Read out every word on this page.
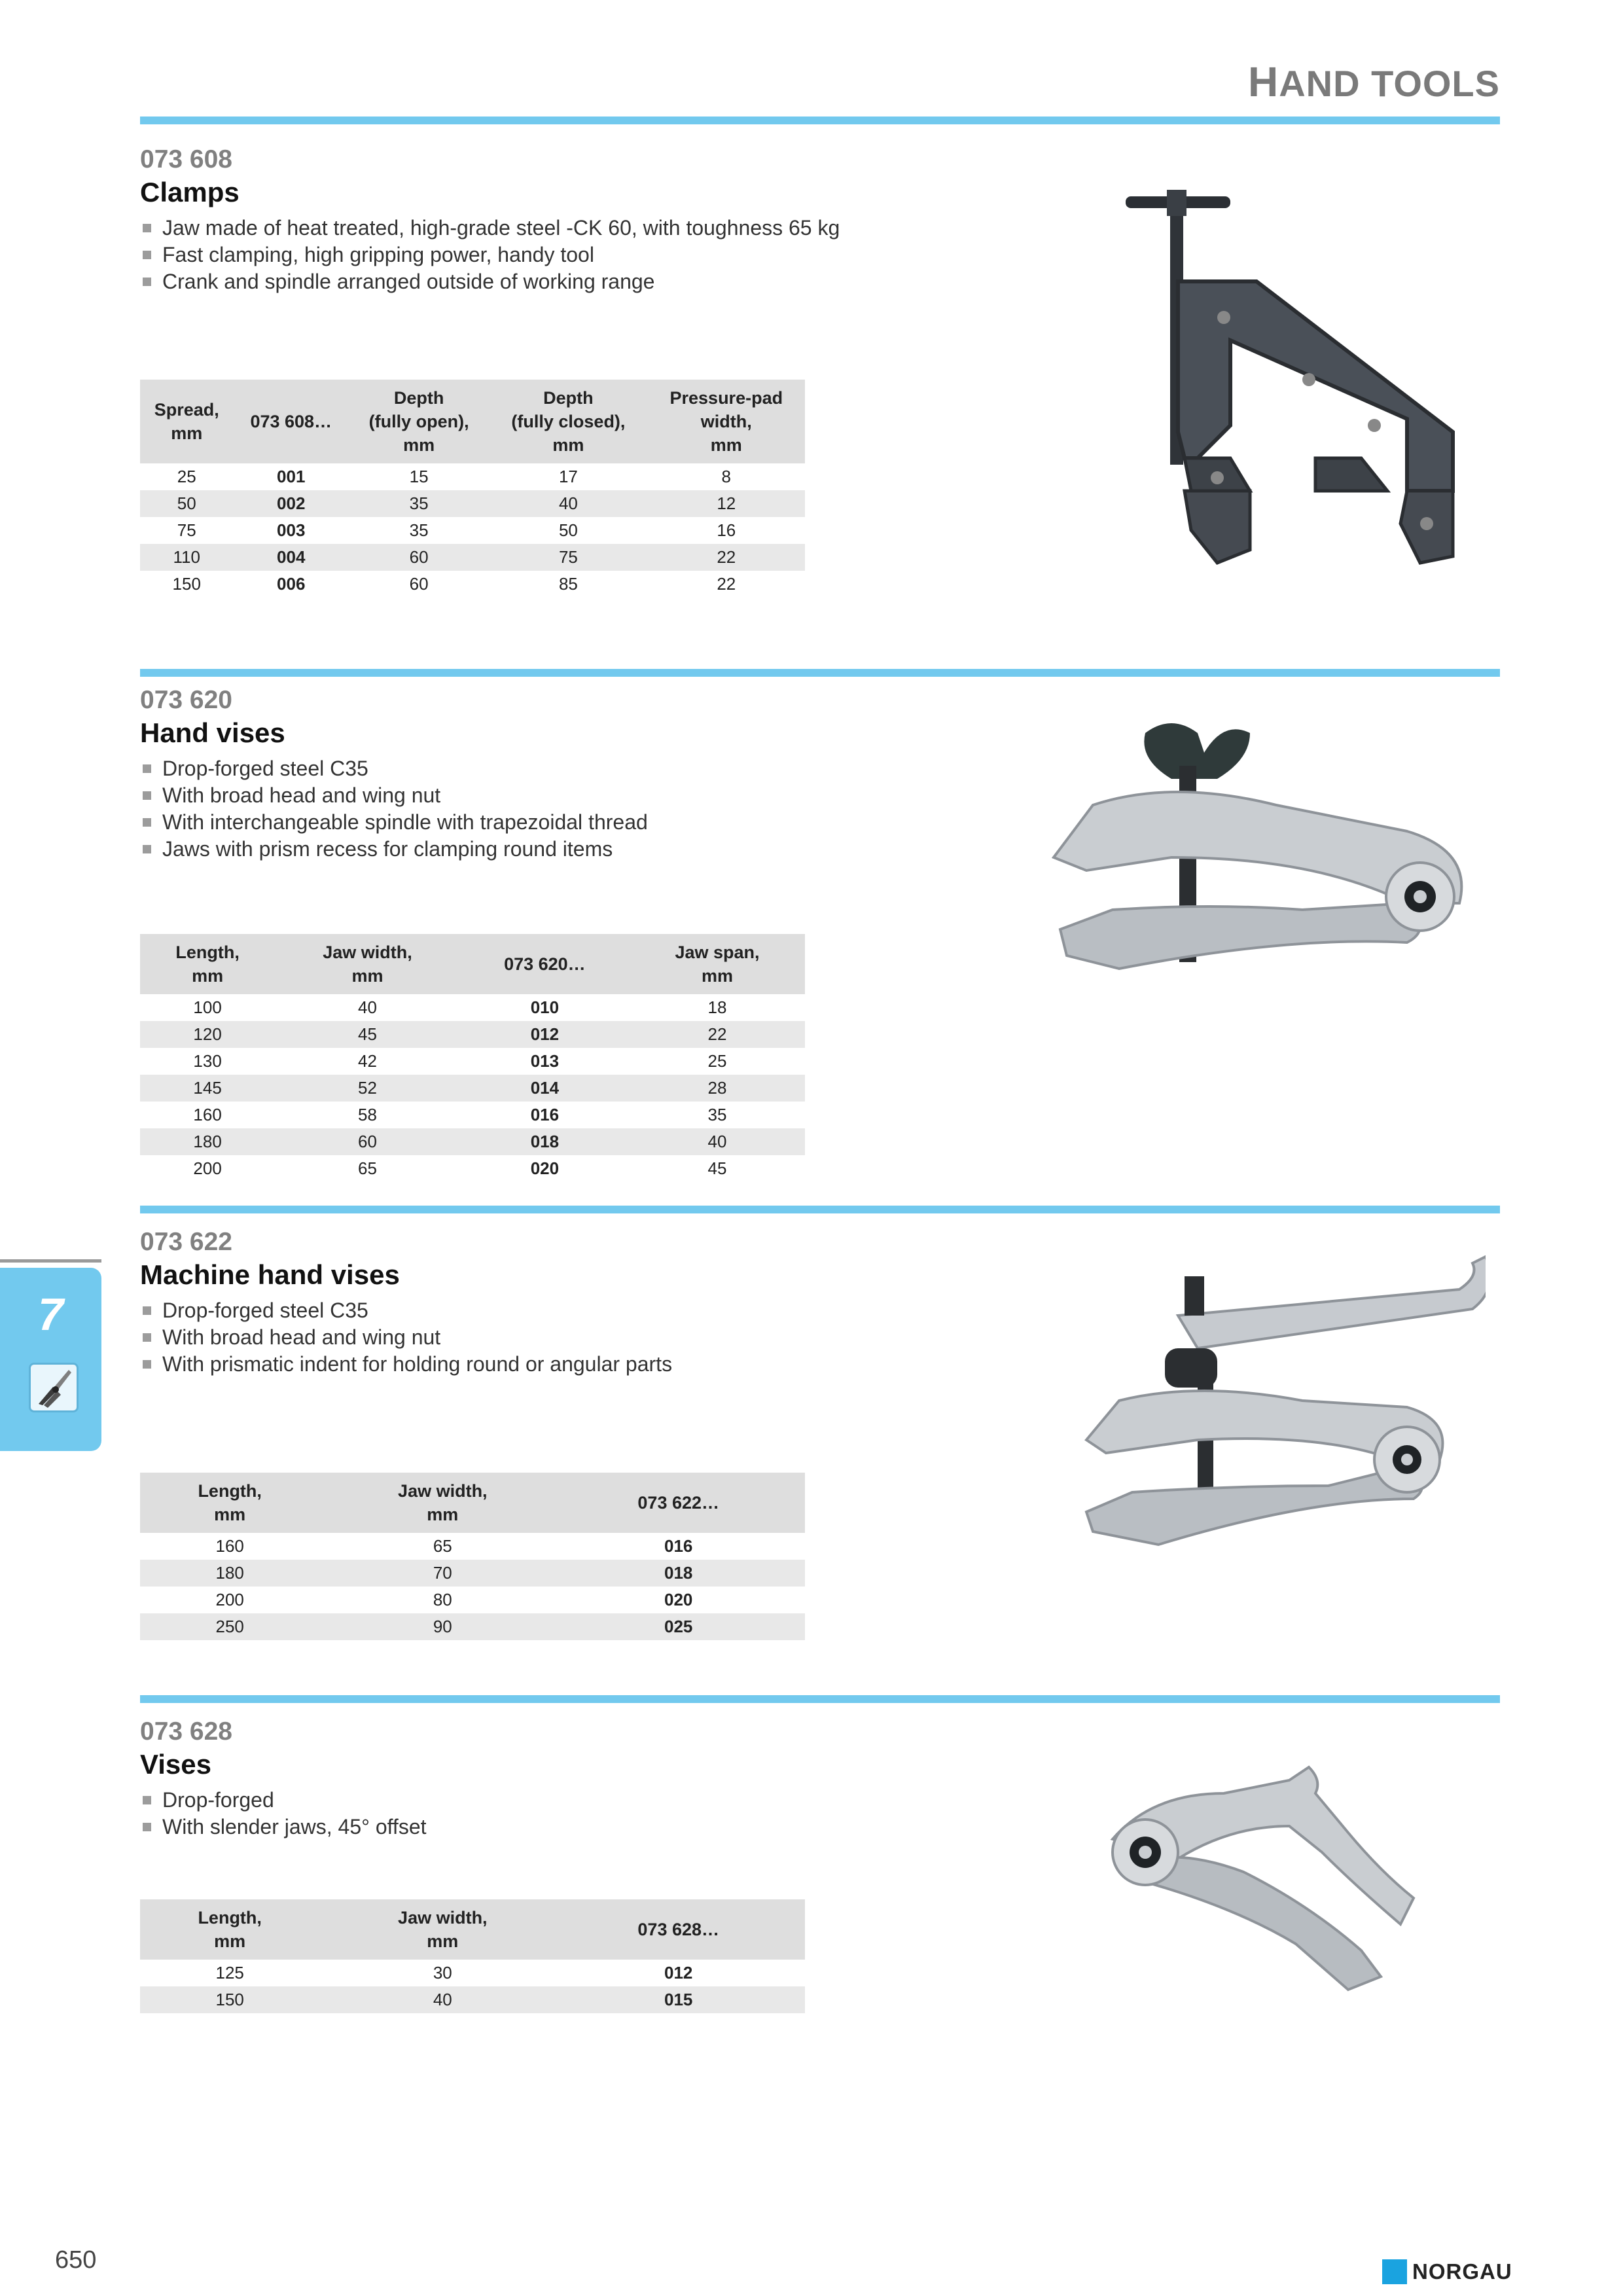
HAND TOOLS
073 608
Clamps
Jaw made of heat treated, high-grade steel -CK 60, with toughness 65 kg
Fast clamping, high gripping power, handy tool
Crank and spindle arranged outside of working range
Spread,
mm	073 608…	Depth
(fully open),
mm	Depth
(fully closed),
mm	Pressure-pad
width,
mm
25	001	15	17	8
50	002	35	40	12
75	003	35	50	16
110	004	60	75	22
150	006	60	85	22
073 620
Hand vises
Drop-forged steel C35
With broad head and wing nut
With interchangeable spindle with trapezoidal thread
Jaws with prism recess for clamping round items
Length,
mm	Jaw width,
mm	073 620…	Jaw span,
mm
100	40	010	18
120	45	012	22
130	42	013	25
145	52	014	28
160	58	016	35
180	60	018	40
200	65	020	45
7
073 622
Machine hand vises
Drop-forged steel C35
With broad head and wing nut
With prismatic indent for holding round or angular parts
Length,
mm	Jaw width,
mm	073 622…	
160	65	016	
180	70	018	
200	80	020	
250	90	025	
073 628
Vises
Drop-forged
With slender jaws, 45° offset
Length,
mm	Jaw width,
mm	073 628…	
125	30	012	
150	40	015	
650	NORGAU
